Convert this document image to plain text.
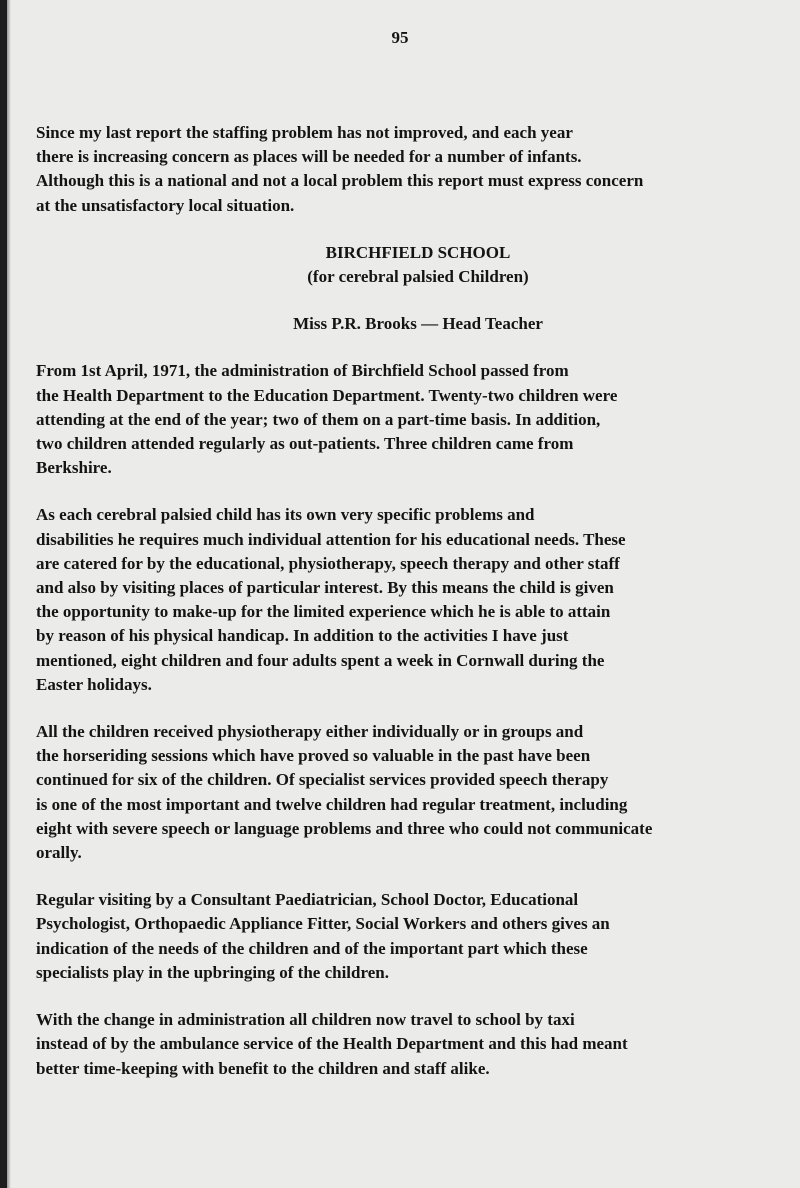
95

Since my last report the staffing problem has not improved, and each year
there is increasing concern as places will be needed for a number of infants.
Although this is a national and not a local problem this report must express concern
at the unsatisfactory local situation.

BIRCHFIELD SCHOOL

(for cerebral palsied Children)

Miss P.R. Brooks — Head Teacher

From 1st April, 1971, the administration of Birchfield School passed from
the Health Department to the Education Department. Twenty-two children were
attending at the end of the year; two of them on a part-time basis. In addition,
two children attended regularly as out-patients. Three children came from
Berkshire.

As each cerebral palsied child has its own very specific problems and
disabilities he requires much individual attention for his educational needs. These
are catered for by the educational, physiotherapy, speech therapy and other staff
and also by visiting places of particular interest. By this means the child is given
the opportunity to make-up for the limited experience which he is able to attain
by reason of his physical handicap. In addition to the activities I have just
mentioned, eight children and four adults spent a week in Cornwall during the
Easter holidays.

All the children received physiotherapy either individually or in groups and
the horseriding sessions which have proved so valuable in the past have been
continued for six of the children. Of specialist services provided speech therapy
is one of the most important and twelve children had regular treatment, including
eight with severe speech or language problems and three who could not communicate
orally.

Regular visiting by a Consultant Paediatrician, School Doctor, Educational
Psychologist, Orthopaedic Appliance Fitter, Social Workers and others gives an
indication of the needs of the children and of the important part which these
specialists play in the upbringing of the children.

With the change in administration all children now travel to school by taxi
instead of by the ambulance service of the Health Department and this had meant
better time-keeping with benefit to the children and staff alike.
